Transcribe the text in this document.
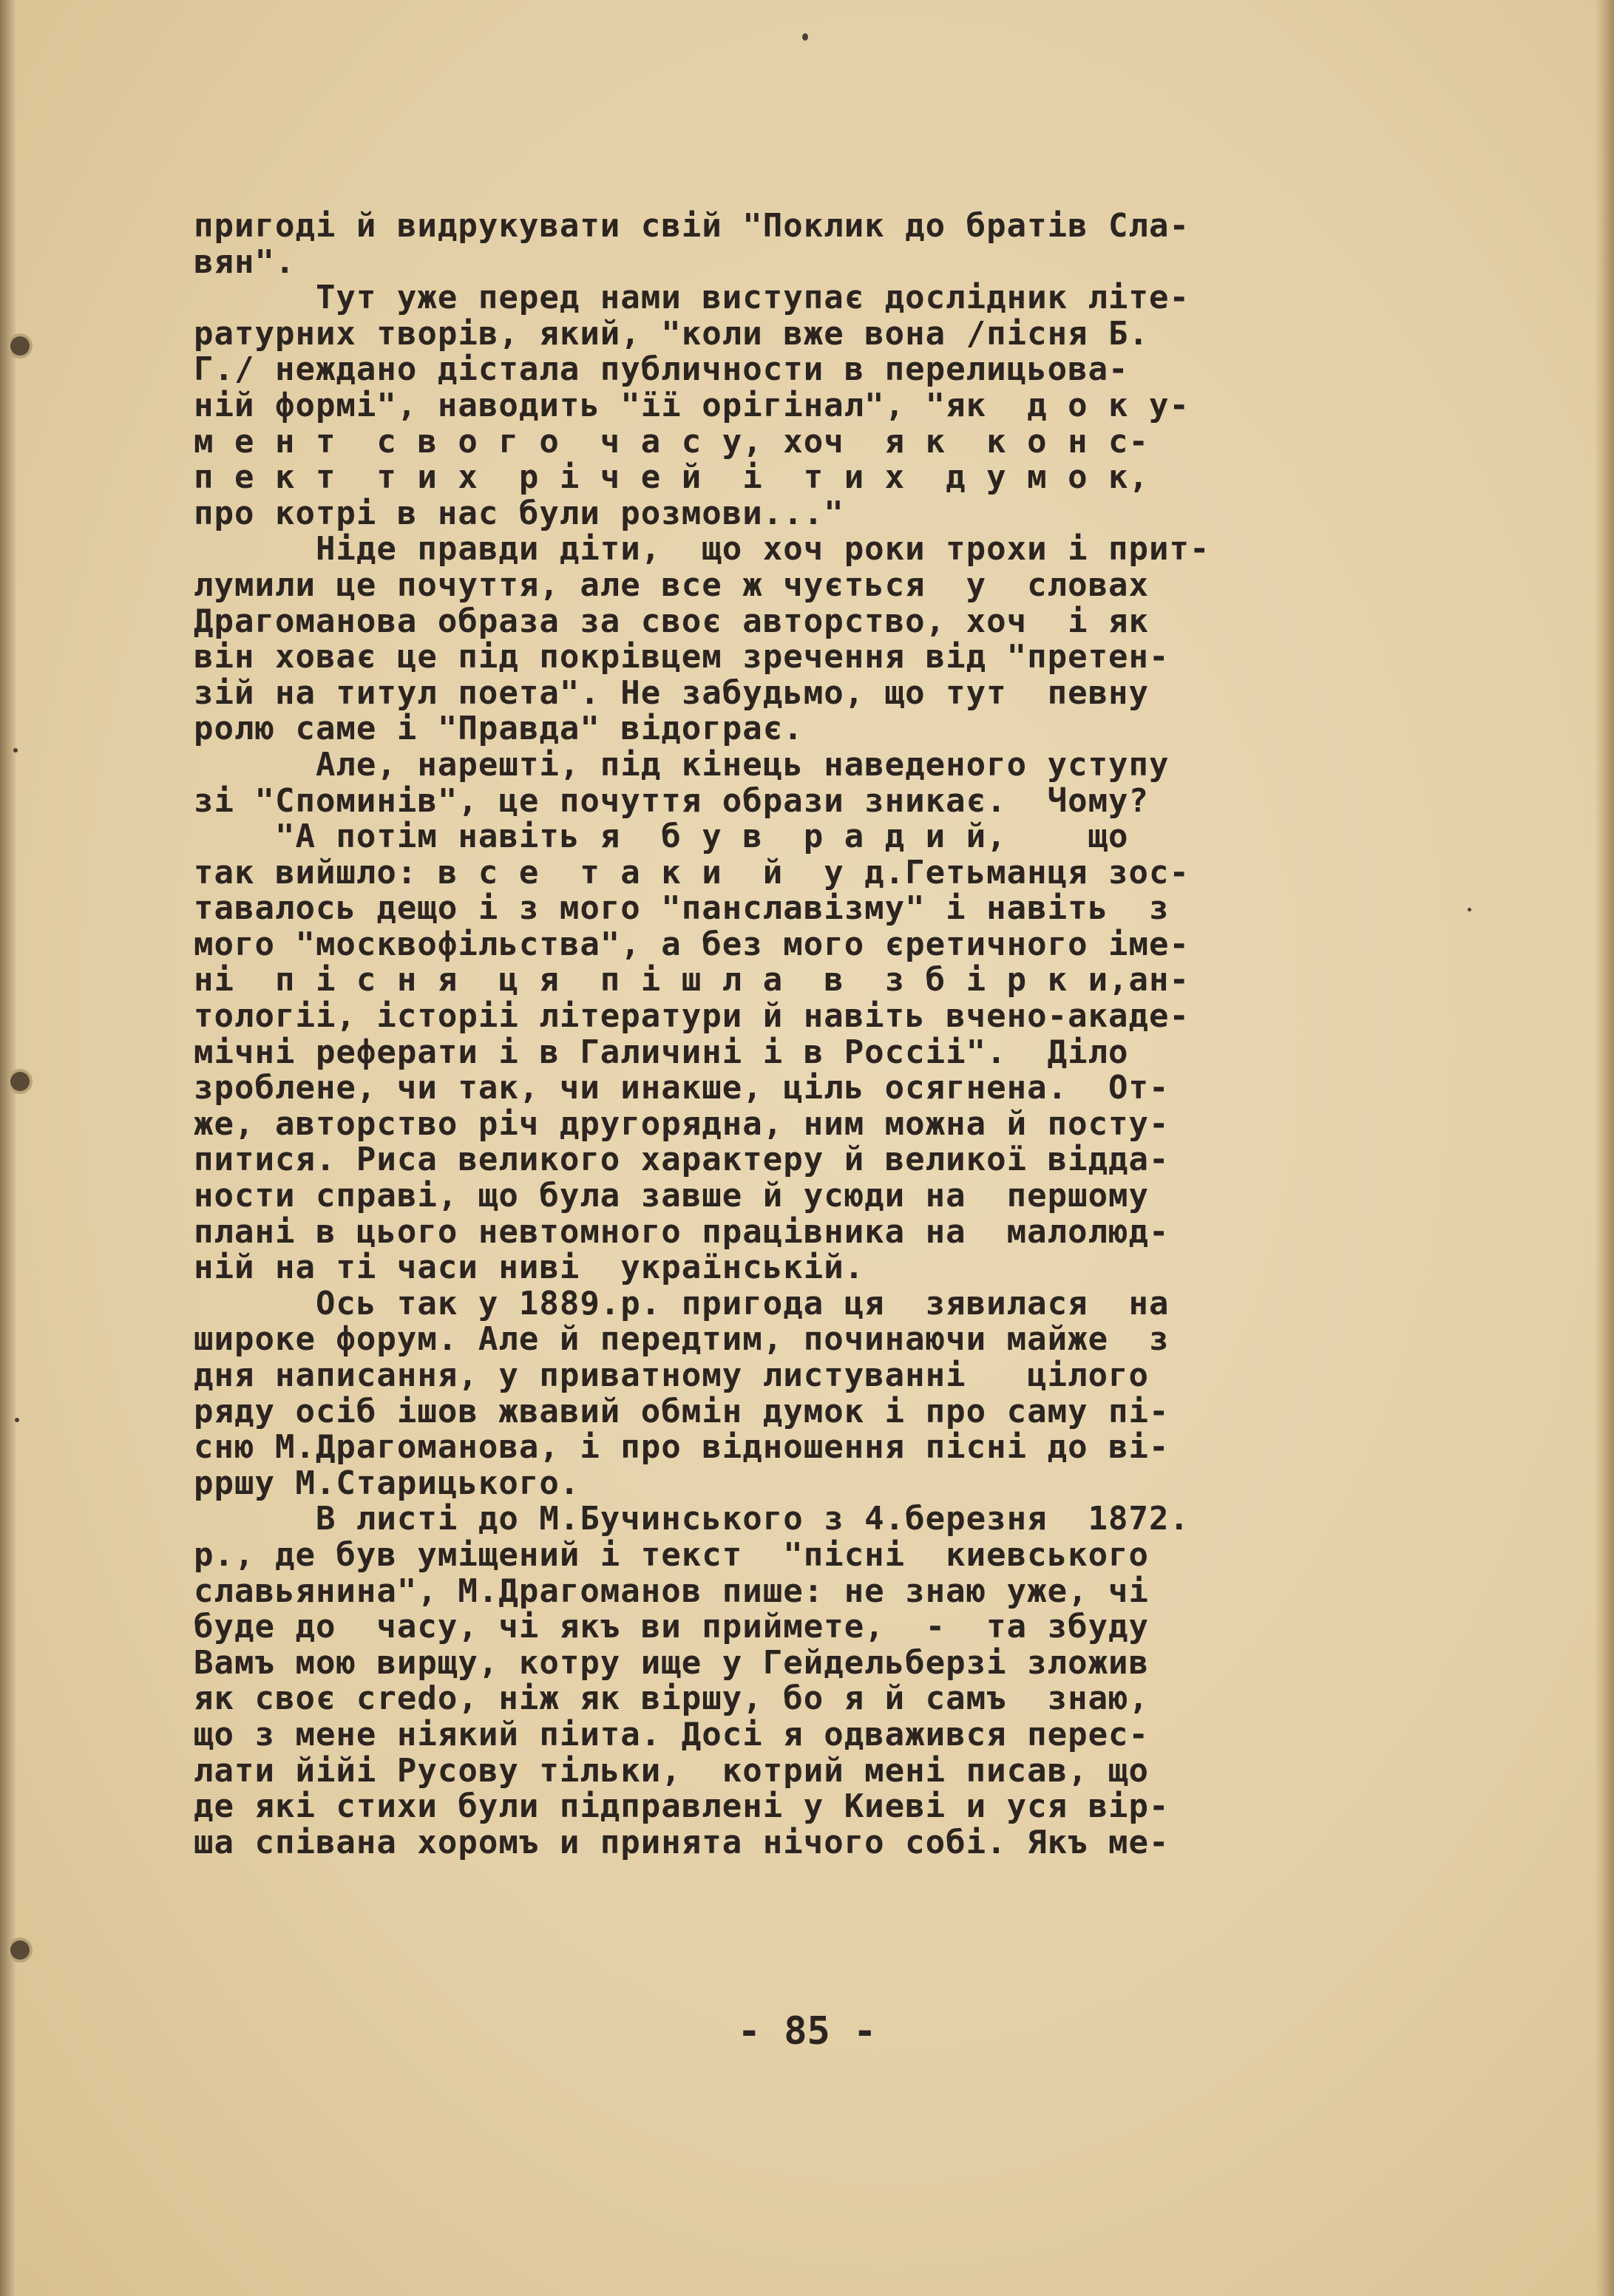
пригоді й видрукувати свій "Поклик до братів Сла-
вян".
Тут уже перед нами виступає дослідник літе-
ратурних творів, який, "коли вже вона /пісня Б.
Г./ неждано дістала публичности в перелицьова-
ній формі", наводить "її орігінал", "як  д о к у-
м е н т  с в о г о  ч а с у, хоч  я к  к о н с-
п е к т  т и х  р і ч е й  і  т и х  д у м о к,
про котрі в нас були розмови..."
Ніде правди діти,  що хоч роки трохи і прит-
лумили це почуття, але все ж чується  у  словах
Драгоманова образа за своє авторство, хоч  і як
він ховає це під покрівцем зречення від "претен-
зій на титул поета". Не забудьмо, що тут  певну
ролю саме і "Правда" відограє.
Але, нарешті, під кінець наведеного уступу
зі "Споминів", це почуття образи зникає.  Чому?
"А потім навіть я  б у в  р а д и й,    що
так вийшло: в с е  т а к и  й  у д.Гетьманця зос-
тавалось дещо і з мого "панславізму" і навіть  з
мого "москвофільства", а без мого єретичного іме-
ні  п і с н я  ц я  п і ш л а  в  з б і р к и,ан-
тологіі, історіі літератури й навіть вчено-акаде-
мічні реферати і в Галичині і в Россіі".  Діло
зроблене, чи так, чи инакше, ціль осягнена.  От-
же, авторство річ другорядна, ним можна й посту-
питися. Риса великого характеру й великої відда-
ности справі, що була завше й усюди на  першому
плані в цього невтомного працівника на  малолюд-
ній на ті часи ниві  українській.
Ось так у 1889.р. пригода ця  зявилася  на
широке форум. Але й передтим, починаючи майже  з
дня написання, у приватному листуванні   цілого
ряду осіб ішов жвавий обмін думок і про саму пі-
сню М.Драгоманова, і про відношення пісні до ві-
рршу М.Старицького.
В листі до М.Бучинського з 4.березня  1872.
р., де був уміщений і текст  "пісні  киевського
славьянина", М.Драгоманов пише: не знаю уже, чі
буде до  часу, чі якъ ви приймете,  -  та збуду
Вамъ мою вирщу, котру ище у Гейдельберзі зложив
як своє credo, ніж як віршу, бо я й самъ  знаю,
що з мене ніякий піита. Досі я одважився перес-
лати йійі Русову тільки,  котрий мені писав, що
де які стихи були підправлені у Киеві и уся вір-
ша співана хоромъ и принята нічого собі. Якъ ме-
- 85 -
